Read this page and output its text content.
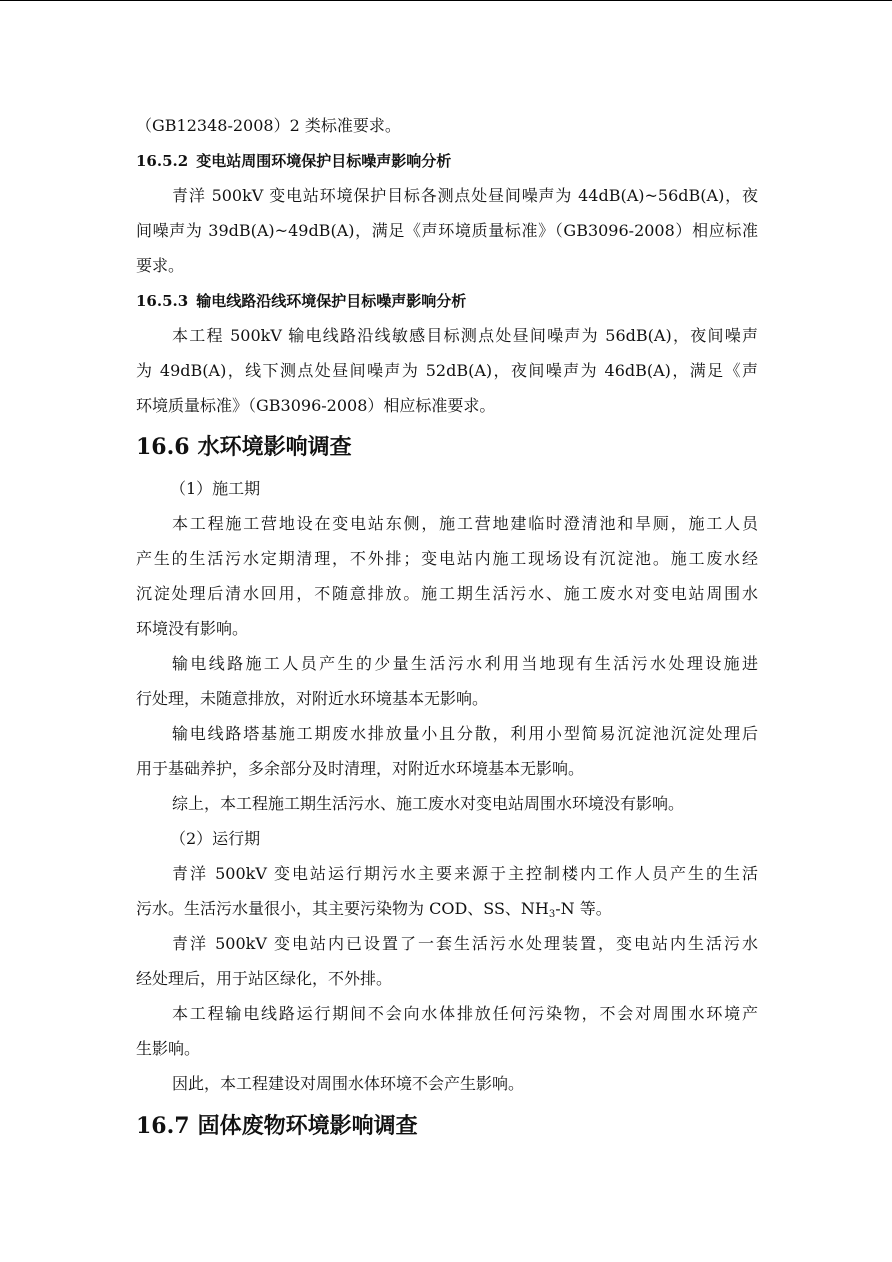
（GB12348-2008）2 类标准要求。
16.5.2 变电站周围环境保护目标噪声影响分析
青洋 500kV 变电站环境保护目标各测点处昼间噪声为 44dB(A)~56dB(A)，夜
间噪声为 39dB(A)~49dB(A)，满足《声环境质量标准》（GB3096-2008）相应标准
要求。
16.5.3 输电线路沿线环境保护目标噪声影响分析
本工程 500kV 输电线路沿线敏感目标测点处昼间噪声为 56dB(A)，夜间噪声
为 49dB(A)，线下测点处昼间噪声为 52dB(A)，夜间噪声为 46dB(A)，满足《声
环境质量标准》（GB3096-2008）相应标准要求。
16.6 水环境影响调查
（1）施工期
本工程施工营地设在变电站东侧，施工营地建临时澄清池和旱厕，施工人员
产生的生活污水定期清理，不外排；变电站内施工现场设有沉淀池。施工废水经
沉淀处理后清水回用，不随意排放。施工期生活污水、施工废水对变电站周围水
环境没有影响。
输电线路施工人员产生的少量生活污水利用当地现有生活污水处理设施进
行处理，未随意排放，对附近水环境基本无影响。
输电线路塔基施工期废水排放量小且分散，利用小型简易沉淀池沉淀处理后
用于基础养护，多余部分及时清理，对附近水环境基本无影响。
综上，本工程施工期生活污水、施工废水对变电站周围水环境没有影响。
（2）运行期
青洋 500kV 变电站运行期污水主要来源于主控制楼内工作人员产生的生活
污水。生活污水量很小，其主要污染物为 COD、SS、$NH_3-N$ 等。
青洋 500kV 变电站内已设置了一套生活污水处理装置，变电站内生活污水
经处理后，用于站区绿化，不外排。
本工程输电线路运行期间不会向水体排放任何污染物，不会对周围水环境产
生影响。
因此，本工程建设对周围水体环境不会产生影响。
16.7 固体废物环境影响调查
